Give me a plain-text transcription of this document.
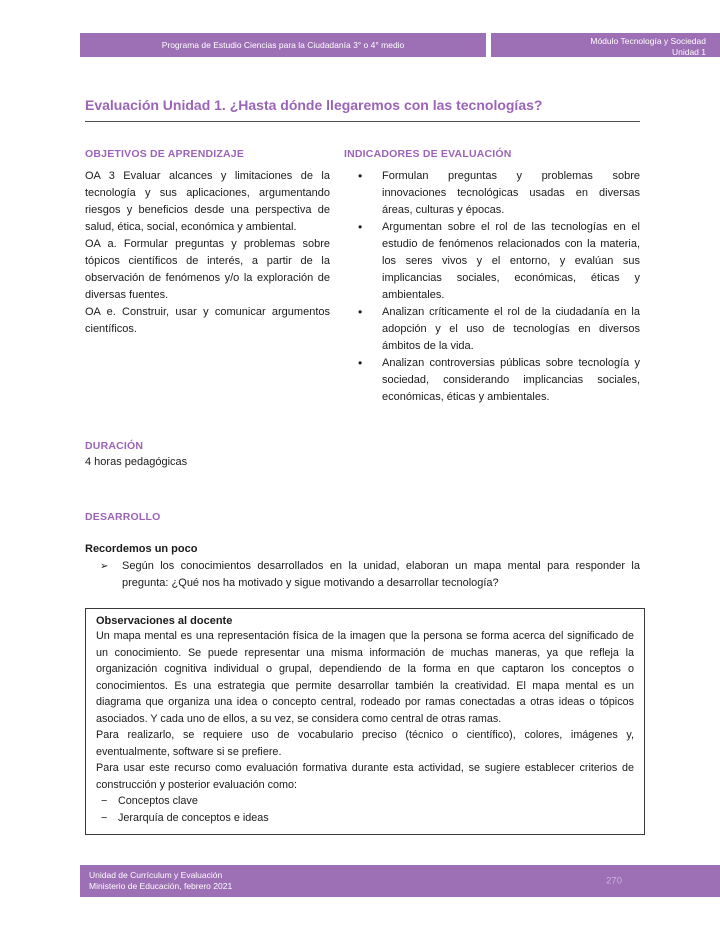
Programa de Estudio Ciencias para la Ciudadanía 3° o 4° medio	Módulo Tecnología y Sociedad
Unidad 1
Evaluación Unidad 1. ¿Hasta dónde llegaremos con las tecnologías?
OBJETIVOS DE APRENDIZAJE

OA 3 Evaluar alcances y limitaciones de la tecnología y sus aplicaciones, argumentando riesgos y beneficios desde una perspectiva de salud, ética, social, económica y ambiental.

OA a. Formular preguntas y problemas sobre tópicos científicos de interés, a partir de la observación de fenómenos y/o la exploración de diversas fuentes.

OA e. Construir, usar y comunicar argumentos científicos.

INDICADORES DE EVALUACIÓN
•	Formulan preguntas y problemas sobre innovaciones tecnológicas usadas en diversas áreas, culturas y épocas.

•	Argumentan sobre el rol de las tecnologías en el estudio de fenómenos relacionados con la materia, los seres vivos y el entorno, y evalúan sus implicancias sociales, económicas, éticas y ambientales.

•	Analizan críticamente el rol de la ciudadanía en la adopción y el uso de tecnologías en diversos ámbitos de la vida.

•	Analizan controversias públicas sobre tecnología y sociedad, considerando implicancias sociales, económicas, éticas y ambientales.

DURACIÓN

4 horas pedagógicas

DESARROLLO
Recordemos un poco
➢	Según los conocimientos desarrollados en la unidad, elaboran un mapa mental para responder la pregunta: ¿Qué nos ha motivado y sigue motivando a desarrollar tecnología?

Observaciones al docente

Un mapa mental es una representación física de la imagen que la persona se forma acerca del significado de un conocimiento. Se puede representar una misma información de muchas maneras, ya que refleja la organización cognitiva individual o grupal, dependiendo de la forma en que captaron los conceptos o conocimientos. Es una estrategia que permite desarrollar también la creatividad. El mapa mental es un diagrama que organiza una idea o concepto central, rodeado por ramas conectadas a otras ideas o tópicos asociados. Y cada uno de ellos, a su vez, se considera como central de otras ramas.

Para realizarlo, se requiere uso de vocabulario preciso (técnico o científico), colores, imágenes y, eventualmente, software si se prefiere.

Para usar este recurso como evaluación formativa durante esta actividad, se sugiere establecer criterios de construcción y posterior evaluación como:

− Conceptos clave

− Jerarquía de conceptos e ideas

Unidad de Currículum y Evaluación
Ministerio de Educación, febrero 2021	270
